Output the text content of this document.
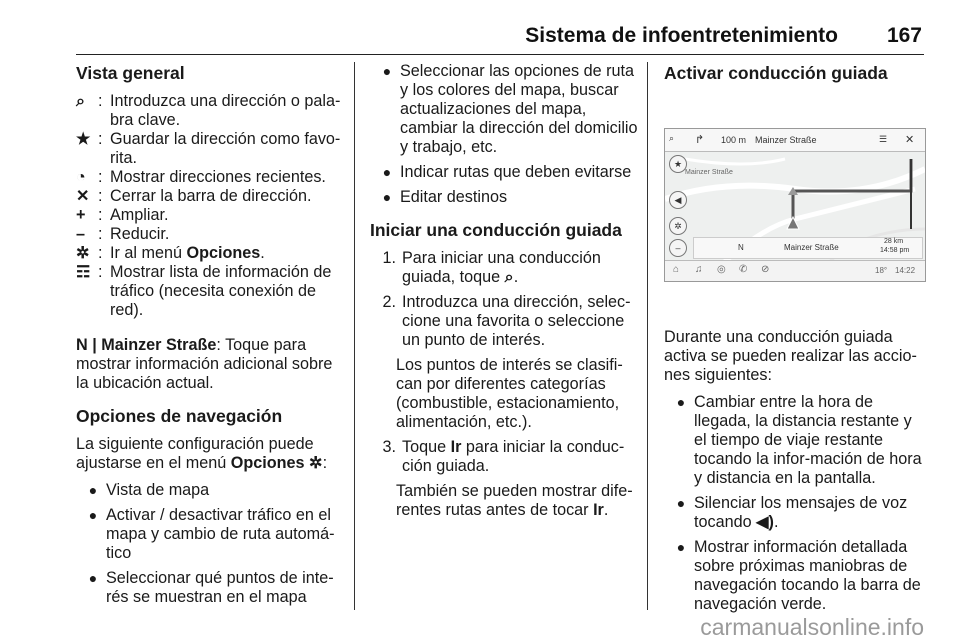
Sistema de infoentretenimiento 167
Vista general
⌕ : Introduzca una dirección o pala-bra clave.
★ : Guardar la dirección como favo-rita.
◔ : Mostrar direcciones recientes.
✕ : Cerrar la barra de dirección.
+ : Ampliar.
– : Reducir.
✲ : Ir al menú Opciones.
☶ : Mostrar lista de información de tráfico (necesita conexión de red).

N | Mainzer Straße: Toque para mostrar información adicional sobre la ubicación actual.

Opciones de navegación

La siguiente configuración puede ajustarse en el menú Opciones ✲:

● Vista de mapa
● Activar / desactivar tráfico en el mapa y cambio de ruta automá-tico
● Seleccionar qué puntos de inte-rés se muestran en el mapa
● Seleccionar las opciones de ruta y los colores del mapa, buscar actualizaciones del mapa, cambiar la dirección del domicilio y trabajo, etc.
● Indicar rutas que deben evitarse
● Editar destinos
Iniciar una conducción guiada
1. Para iniciar una conducción guiada, toque ⌕.
2. Introduzca una dirección, selec-cione una favorita o seleccione un punto de interés.
Los puntos de interés se clasifi-can por diferentes categorías (combustible, estacionamiento, alimentación, etc.).
3. Toque Ir para iniciar la conduc-ción guiada.
También se pueden mostrar dife-rentes rutas antes de tocar Ir.
Activar conducción guiada

Durante una conducción guiada activa se pueden realizar las accio-nes siguientes:

● Cambiar entre la hora de llegada, la distancia restante y el tiempo de viaje restante tocando la infor-mación de hora y distancia en la pantalla.
● Silenciar los mensajes de voz tocando ◀).
● Mostrar información detallada sobre próximas maniobras de navegación tocando la barra de navegación verde.
⌕ ↱ 100 m Mainzer Straße	☰ ✕
Mainzer Straße
★
◀
✲
–	N	Mainzer Straße
28 km
14:58 pm
⌂ ♫ ◎ ✆ ⊘	18° 14:22
carmanualsonline.info
